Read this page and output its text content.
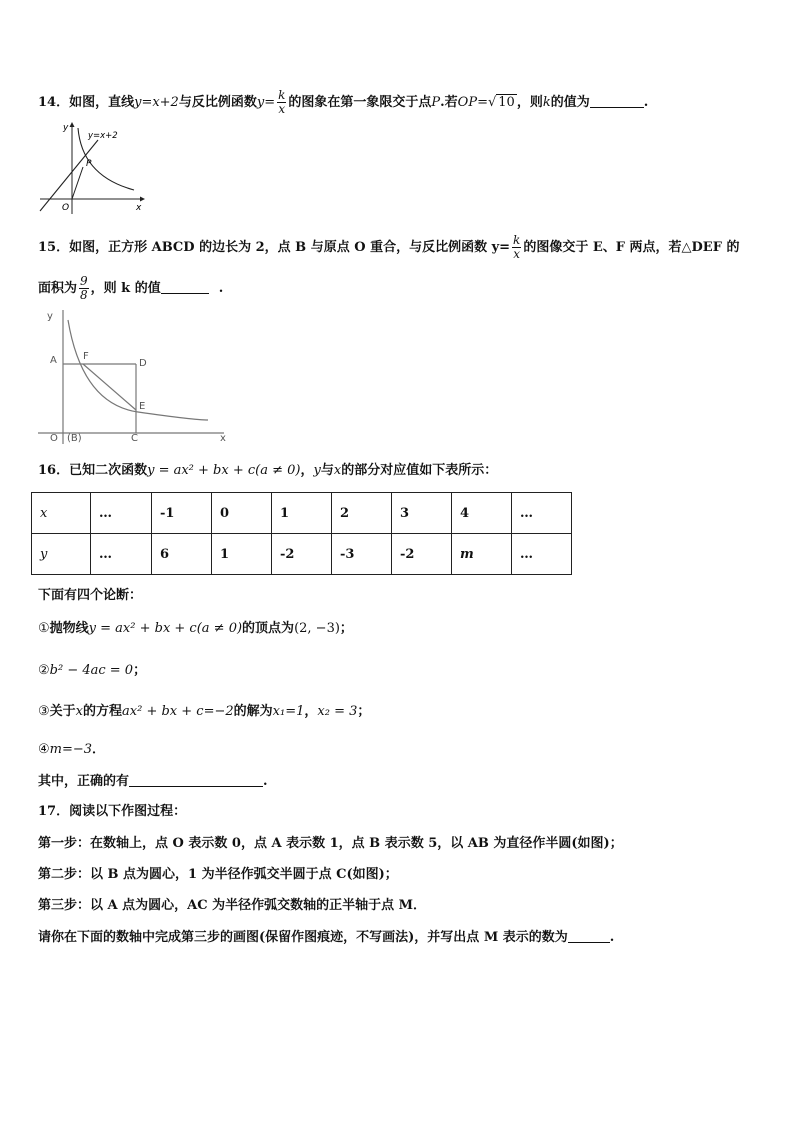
14．如图，直线y=x+2与反比例函数$y= \frac{k}{x}$ 的图象在第一象限交于点P.若OP=√ 10 ，则k的值为	.
y
x
O
y=x+2
P
15．如图，正方形 ABCD 的边长为 2，点 B 与原点 O 重合，与反比例函数 $y= \frac{k}{x}$ 的图像交于 E、F 两点，若△DEF 的
面积为 $\frac{9}{8}$ ，则 k 的值	.
y
x
A	F
D
E
O (B)	C
16．已知二次函数y = ax² + bx + c(a ≠ 0)，y与x的部分对应值如下表所示：
x	…	-1	0	1	2	3	4	…
y	…	6	1	-2	-3	-2	m	…
下面有四个论断：
①抛物线y = ax² + bx + c(a ≠ 0)的顶点为(2, −3)；
②b² − 4ac = 0；
③关于x的方程ax² + bx + c=−2的解为x₁=1，x₂ = 3；
④m=−3．
其中，正确的有	.
17．阅读以下作图过程：
第一步：在数轴上，点 O 表示数 0，点 A 表示数 1，点 B 表示数 5，以 AB 为直径作半圆(如图)；
第二步：以 B 点为圆心，1 为半径作弧交半圆于点 C(如图)；
第三步：以 A 点为圆心，AC 为半径作弧交数轴的正半轴于点 M．
请你在下面的数轴中完成第三步的画图(保留作图痕迹，不写画法)，并写出点 M 表示的数为	.
